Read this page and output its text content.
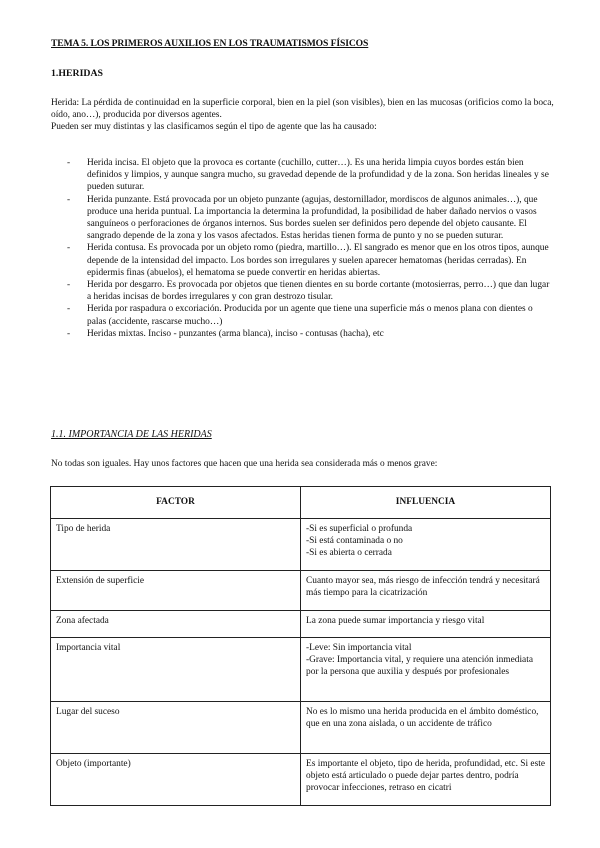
TEMA 5. LOS PRIMEROS AUXILIOS EN LOS TRAUMATISMOS FÍSICOS
1.HERIDAS

Herida: La pérdida de continuidad en la superficie corporal, bien en la piel (son visibles), bien en las mucosas (orificios como la boca, oído, ano…), producida por diversos agentes.

Pueden ser muy distintas y las clasificamos según el tipo de agente que las ha causado:

- Herida incisa. El objeto que la provoca es cortante (cuchillo, cutter…). Es una herida limpia cuyos bordes están bien definidos y limpios, y aunque sangra mucho, su gravedad depende de la profundidad y de la zona. Son heridas lineales y se pueden suturar.
- Herida punzante. Está provocada por un objeto punzante (agujas, destornillador, mordiscos de algunos animales…), que produce una herida puntual. La importancia la determina la profundidad, la posibilidad de haber dañado nervios o vasos sanguíneos o perforaciones de órganos internos. Sus bordes suelen ser definidos pero depende del objeto causante. El sangrado depende de la zona y los vasos afectados. Estas heridas tienen forma de punto y no se pueden suturar.
- Herida contusa. Es provocada por un objeto romo (piedra, martillo…). El sangrado es menor que en los otros tipos, aunque depende de la intensidad del impacto. Los bordes son irregulares y suelen aparecer hematomas (heridas cerradas). En epidermis finas (abuelos), el hematoma se puede convertir en heridas abiertas.
- Herida por desgarro. Es provocada por objetos que tienen dientes en su borde cortante (motosierras, perro…) que dan lugar a heridas incisas de bordes irregulares y con gran destrozo tisular.
- Herida por raspadura o excoriación. Producida por un agente que tiene una superficie más o menos plana con dientes o palas (accidente, rascarse mucho…)
- Heridas mixtas. Inciso - punzantes (arma blanca), inciso - contusas (hacha), etc
1.1. IMPORTANCIA DE LAS HERIDAS
No todas son iguales. Hay unos factores que hacen que una herida sea considerada más o menos grave:
FACTOR	INFLUENCIA
Tipo de herida	-Si es superficial o profunda
-Si está contaminada o no
-Si es abierta o cerrada

Extensión de superficie	Cuanto mayor sea, más riesgo de infección tendrá y necesitará más tiempo para la cicatrización

Zona afectada	La zona puede sumar importancia y riesgo vital

Importancia vital	-Leve: Sin importancia vital
-Grave: Importancia vital, y requiere una atención inmediata por la persona que auxilia y después por profesionales

Lugar del suceso	No es lo mismo una herida producida en el ámbito doméstico, que en una zona aislada, o un accidente de tráfico

Objeto (importante)	Es importante el objeto, tipo de herida, profundidad, etc. Si este objeto está articulado o puede dejar partes dentro, podría provocar infecciones, retraso en cicatri
